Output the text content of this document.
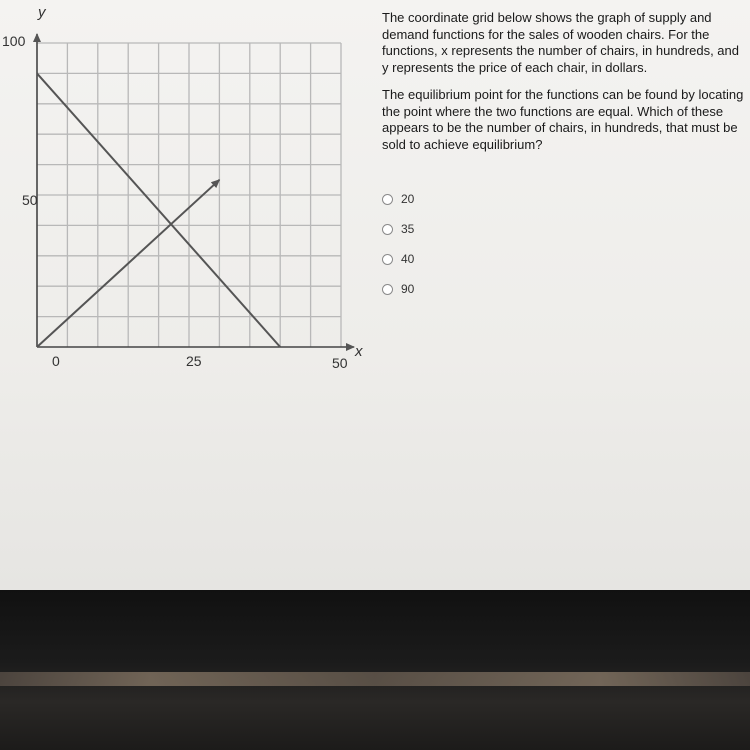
y
x
100
50
0	25	50

The coordinate grid below shows the graph of supply and demand functions for the sales of wooden chairs. For the functions, x represents the number of chairs, in hundreds, and y represents the price of each chair, in dollars.

The equilibrium point for the functions can be found by locating the point where the two functions are equal. Which of these appears to be the number of chairs, in hundreds, that must be sold to achieve equilibrium?

20
35
40
90
